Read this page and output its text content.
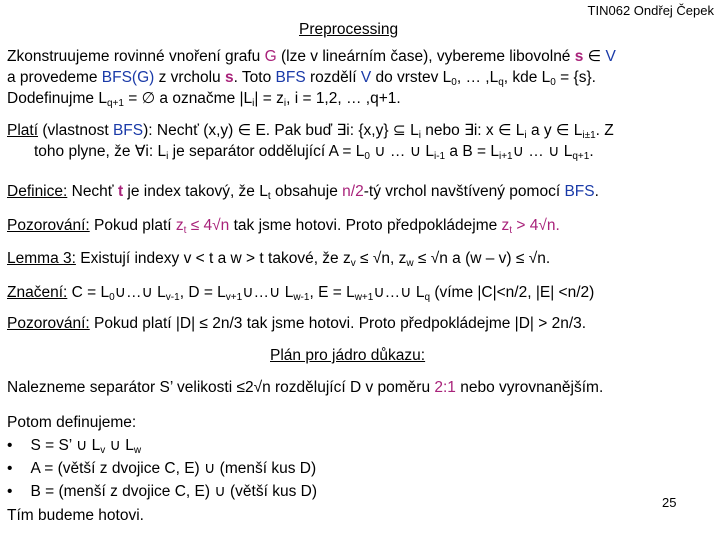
TIN062 Ondřej Čepek
Preprocessing
Zkonstruujeme rovinné vnoření grafu G (lze v lineárním čase), vybereme libovolné s ∈ V
a provedeme BFS(G) z vrcholu s. Toto BFS rozdělí V do vrstev $L_0$, … $,L_q$, kde $L_0 = \{s\}$.
Dodefinujme $L_{q+1}$ = ∅ a označme $|L_i| = z_i$, i = 1,2, … ,q+1.
Platí (vlastnost BFS): Nechť (x,y) ∈ E. Pak buď ∃i: {x,y} ⊆ $L_i$ nebo ∃i: x ∈ $L_i$ a y ∈ $L_{i\pm 1}$. Z
toho plyne, že ∀i: $L_i$ je separátor oddělující $A = L_0$ ∪ … ∪ $L_{i-1}$ a $B = L_{i+1}\cup$ … ∪ $L_{q+1}$.
Definice: Nechť t je index takový, že $L_t$ obsahuje n/2-tý vrchol navštívený pomocí BFS.
Pozorování: Pokud platí $z_t \le 4√n$ tak jsme hotovi. Proto předpokládejme $z_t > 4√n$.
Lemma 3: Existují indexy v < t a w > t takové, že $z_v \le √n$, $z_w \le √n$ a (w – v) ≤ √n.
Značení: $C = L_0\cup\dots\cup$ $L_{v-1}$, $D = L_{v+1}\cup\dots\cup$ $L_{w-1}$, $E = L_{w+1}\cup\dots\cup$ $L_q$ (víme |C|<n/2, |E| <n/2)
Pozorování: Pokud platí |D| ≤ 2n/3 tak jsme hotovi. Proto předpokládejme |D| > 2n/3.
Plán pro jádro důkazu:
Nalezneme separátor S’ velikosti ≤2√n rozdělující D v poměru 2:1 nebo vyrovnanějším.
Potom definujeme:
• S = S’ ∪ $L_v$ ∪ $L_w$
• A = (větší z dvojice C, E) ∪ (menší kus D)
• B = (menší z dvojice C, E) ∪ (větší kus D)
Tím budeme hotovi.
25
